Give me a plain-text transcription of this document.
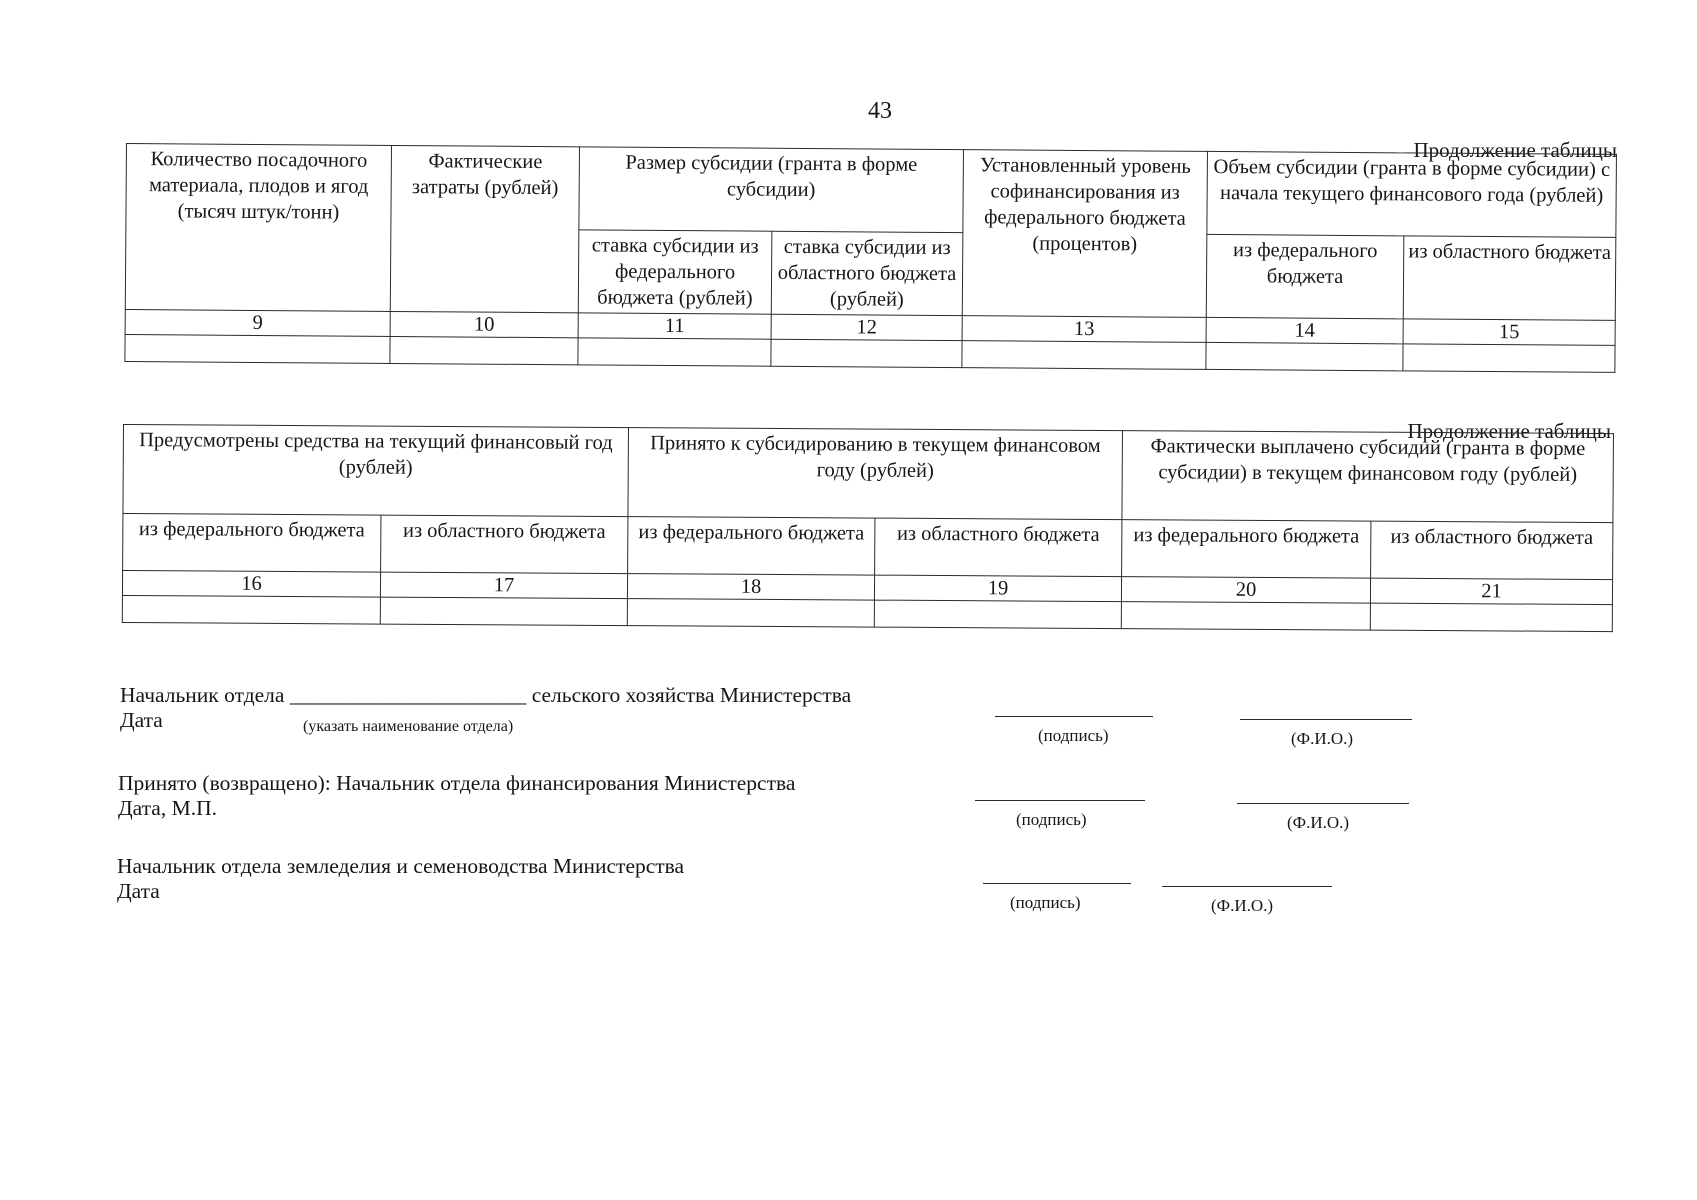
43
Продолжение таблицы
Количество посадочного материала, плодов и ягод (тысяч штук/тонн)	Фактические затраты (рублей)	Размер субсидии (гранта в форме субсидии)		Установленный уровень софинансирования из федерального бюджета (процентов)	Объем субсидии (гранта в форме субсидии) с начала текущего финансового года (рублей)	
		ставка субсидии из федерального бюджета (рублей)	ставка субсидии из областного бюджета (рублей)		из федерального бюджета	из областного бюджета
9	10	11	12	13	14	15

Продолжение таблицы
Предусмотрены средства на текущий финансовый год (рублей)		Принято к субсидированию в текущем финансовом году (рублей)		Фактически выплачено субсидий (гранта в форме субсидии) в текущем финансовом году (рублей)	
из федерального бюджета	из областного бюджета	из федерального бюджета	из областного бюджета	из федерального бюджета	из областного бюджета
16	17	18	19	20	21

Начальник отдела ______________________ сельского хозяйства Министерства
Дата	(указать наименование отдела)	(подпись)	(Ф.И.О.)
Принято (возвращено): Начальник отдела финансирования Министерства
Дата, М.П.	(подпись)	(Ф.И.О.)
Начальник отдела земледелия и семеноводства Министерства
Дата	(подпись)	(Ф.И.О.)
